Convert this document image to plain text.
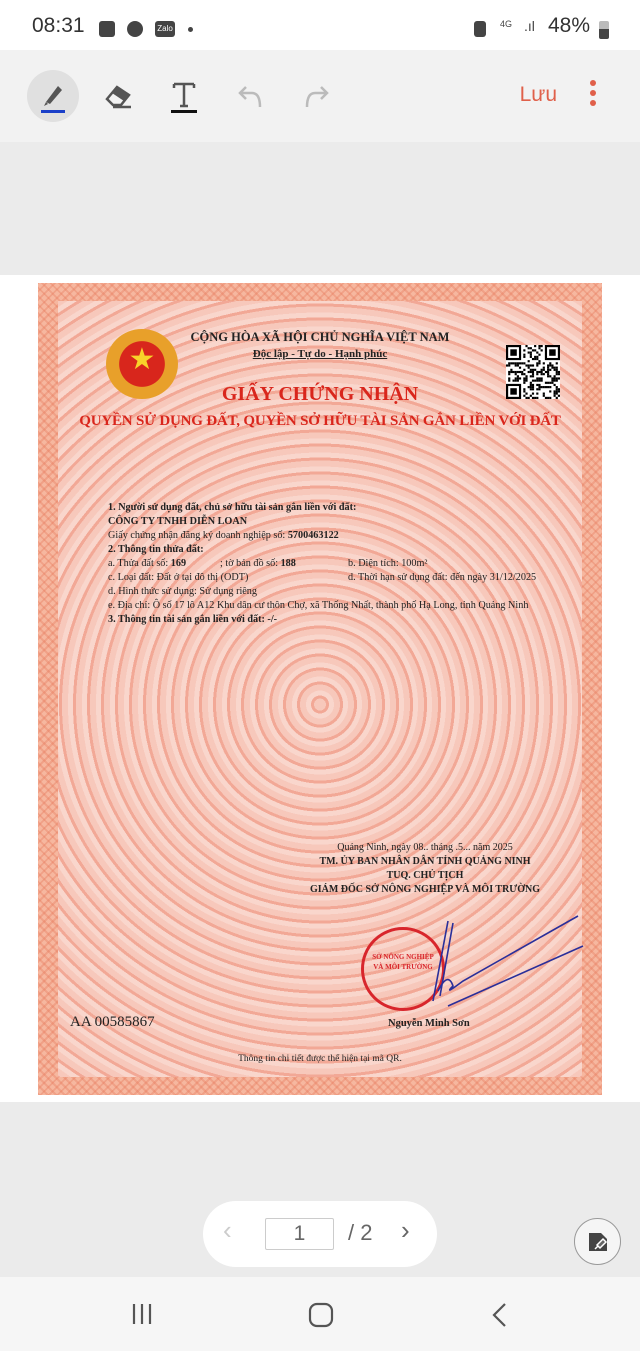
08:31	Zalo	4G .ıl 48%
Lưu
★
CỘNG HÒA XÃ HỘI CHỦ NGHĨA VIỆT NAM
Độc lập - Tự do - Hạnh phúc
GIẤY CHỨNG NHẬN
QUYỀN SỬ DỤNG ĐẤT, QUYỀN SỞ HỮU TÀI SẢN GẮN LIỀN VỚI ĐẤT
1. Người sử dụng đất, chủ sở hữu tài sản gắn liền với đất:
CÔNG TY TNHH DIỄN LOAN
Giấy chứng nhận đăng ký doanh nghiệp số: 5700463122
2. Thông tin thửa đất:
a. Thửa đất số: 169	; tờ bản đồ số: 188	b. Diện tích: 100m²
c. Loại đất: Đất ở tại đô thị (ODT)	d. Thời hạn sử dụng đất: đến ngày 31/12/2025
d. Hình thức sử dụng: Sử dụng riêng
e. Địa chỉ: Ô số 17 lô A12 Khu dân cư thôn Chợ, xã Thống Nhất, thành phố Hạ Long, tỉnh Quảng Ninh
3. Thông tin tài sản gắn liền với đất: -/-
Quảng Ninh, ngày 08.. tháng .5... năm 2025
TM. ỦY BAN NHÂN DÂN TỈNH QUẢNG NINH
TUQ. CHỦ TỊCH
GIÁM ĐỐC SỞ NÔNG NGHIỆP VÀ MÔI TRƯỜNG
SỞ NÔNG NGHIỆP VÀ MÔI TRƯỜNG
Nguyễn Minh Sơn
AA 00585867
Thông tin chi tiết được thể hiện tại mã QR.
‹	1	/ 2 ›
